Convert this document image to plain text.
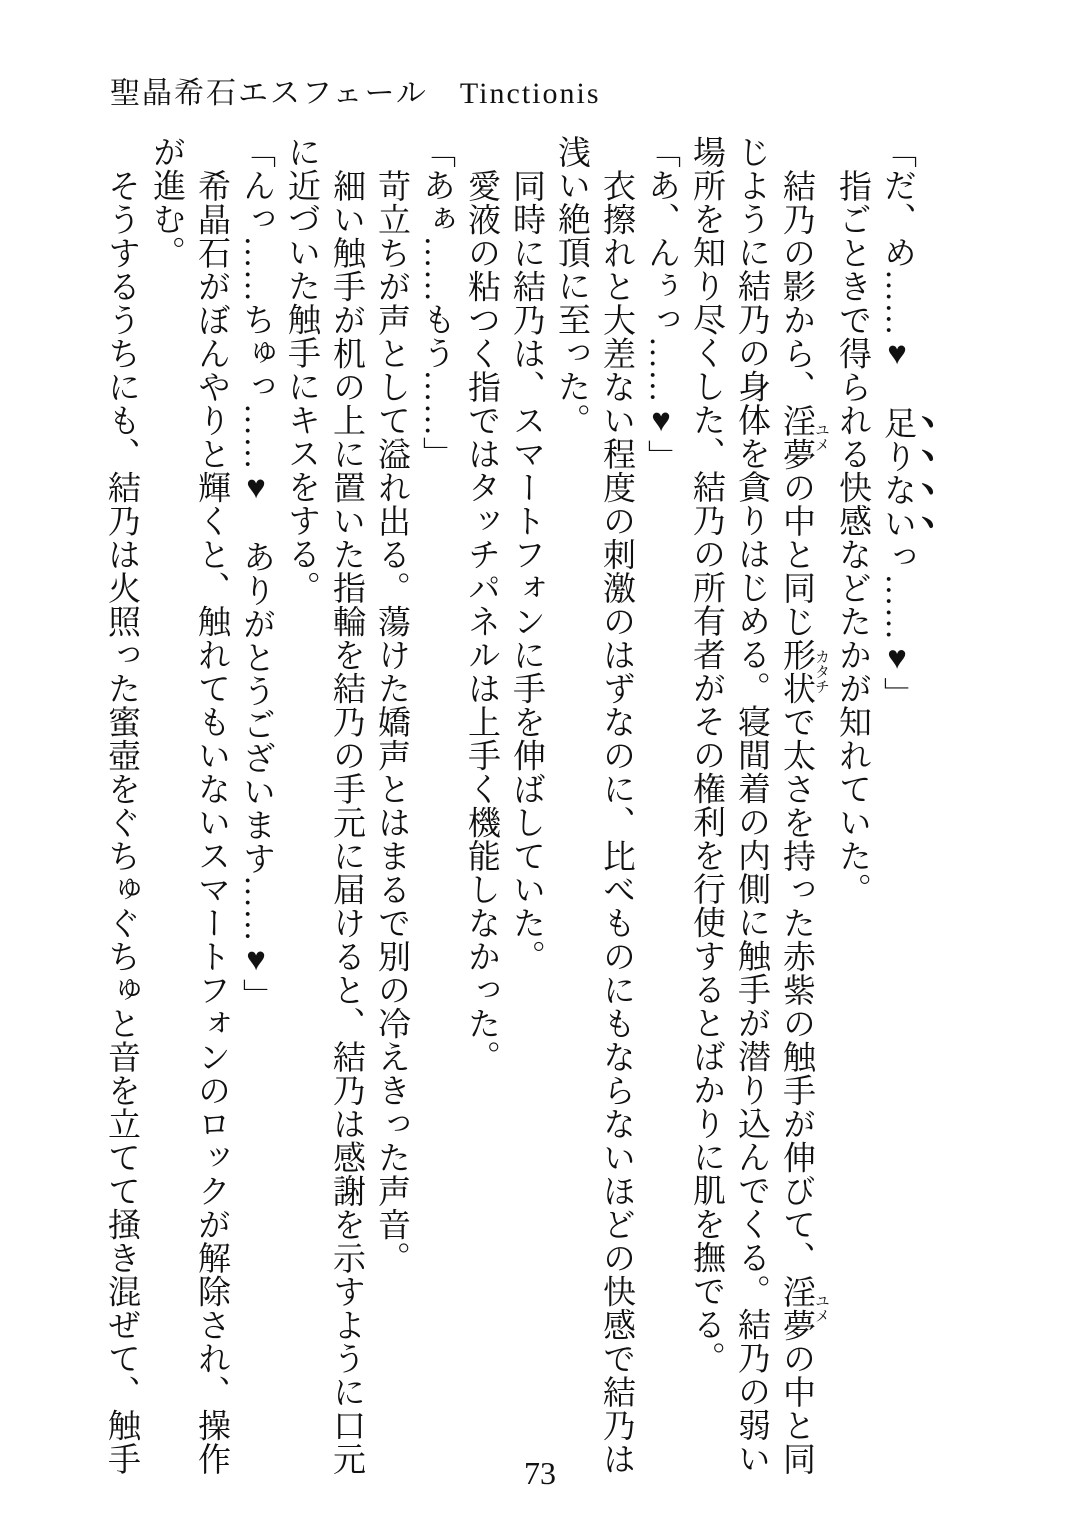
聖晶希石エスフェール　Tinctionis
「だ、め……♥　足りないっ……♥」
指ごときで得られる快感などたかが知れていた。
結乃の影から、淫夢 ユメの中と同じ形状 カタチで太さを持った赤紫の触手が伸びて、淫夢 ユメの中と同
じように結乃の身体を貪りはじめる。寝間着の内側に触手が潜り込んでくる。結乃の弱い
場所を知り尽くした、結乃の所有者がその権利を行使するとばかりに肌を撫でる。
「あ、んぅっ……♥」
衣擦れと大差ない程度の刺激のはずなのに、比べものにもならないほどの快感で結乃は
浅い絶頂に至った。
同時に結乃は、スマートフォンに手を伸ばしていた。
愛液の粘つく指ではタッチパネルは上手く機能しなかった。
「あぁ……もう……」
苛立ちが声として溢れ出る。蕩けた嬌声とはまるで別の冷えきった声音。
細い触手が机の上に置いた指輪を結乃の手元に届けると、結乃は感謝を示すように口元
に近づいた触手にキスをする。
「んっ……ちゅっ……♥　ありがとうございます……♥」
希晶石がぼんやりと輝くと、触れてもいないスマートフォンのロックが解除され、操作
が進む。
そうするうちにも、結乃は火照った蜜壺をぐちゅぐちゅと音を立てて掻き混ぜて、触手	73
